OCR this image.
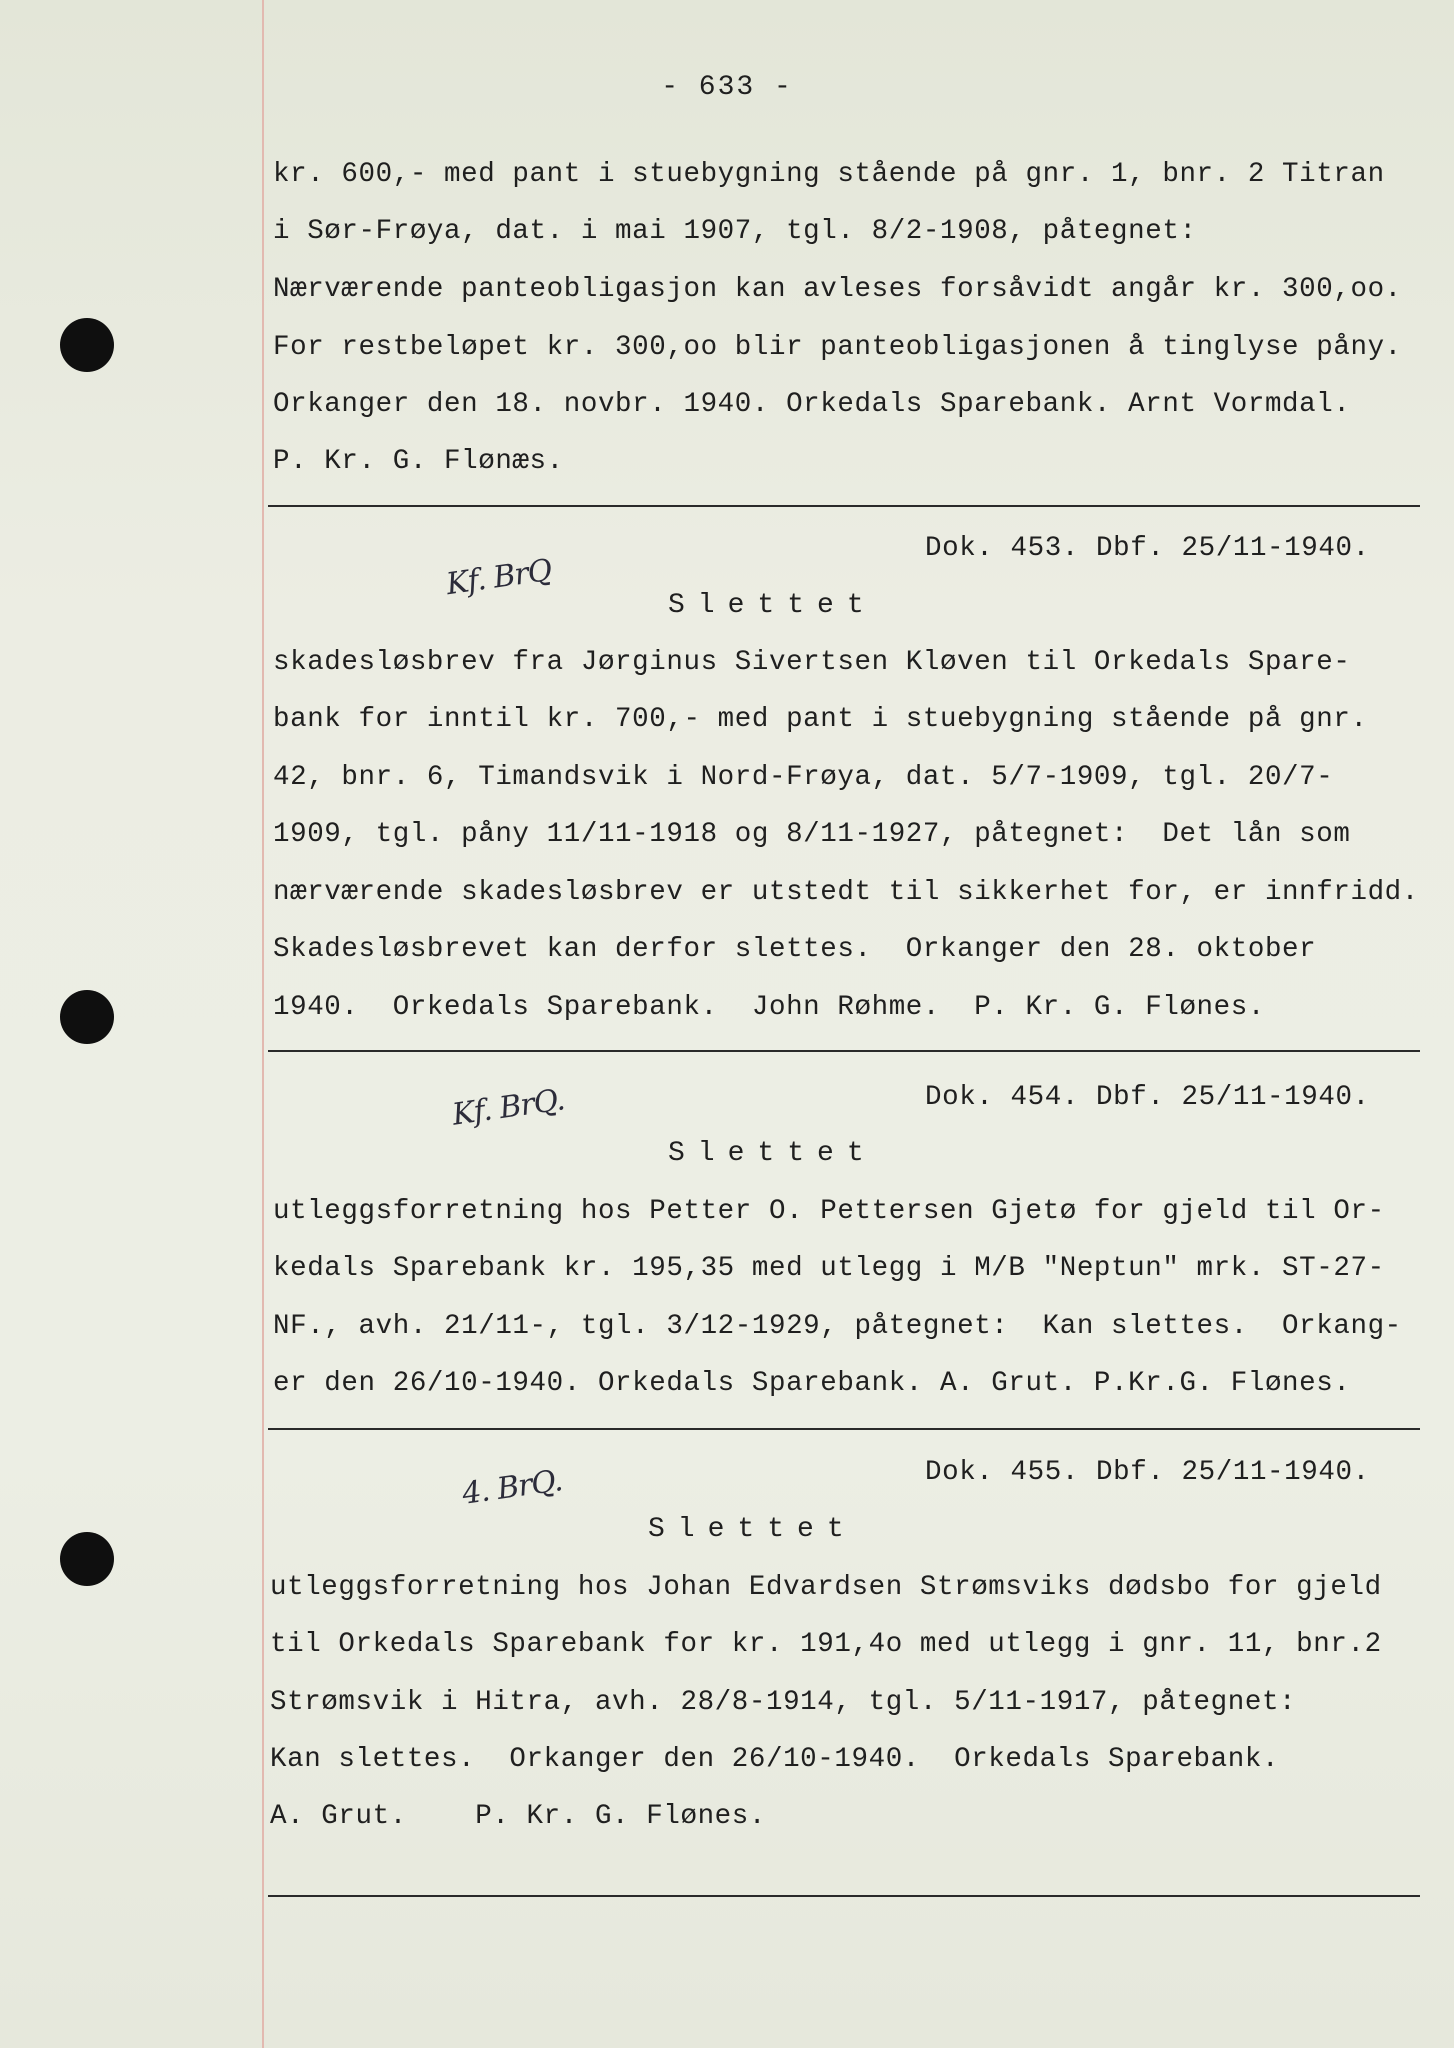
- 633 -
kr. 600,- med pant i stuebygning stående på gnr. 1, bnr. 2 Titran
i Sør-Frøya, dat. i mai 1907, tgl. 8/2-1908, påtegnet:
Nærværende panteobligasjon kan avleses forsåvidt angår kr. 300,oo.
For restbeløpet kr. 300,oo blir panteobligasjonen å tinglyse påny.
Orkanger den 18. novbr. 1940. Orkedals Sparebank. Arnt Vormdal.
P. Kr. G. Flønæs.
Kf. BrQ
Dok. 453. Dbf. 25/11-1940.
Slettet
skadesløsbrev fra Jørginus Sivertsen Kløven til Orkedals Spare-
bank for inntil kr. 700,- med pant i stuebygning stående på gnr.
42, bnr. 6, Timandsvik i Nord-Frøya, dat. 5/7-1909, tgl. 20/7-
1909, tgl. påny 11/11-1918 og 8/11-1927, påtegnet:  Det lån som
nærværende skadesløsbrev er utstedt til sikkerhet for, er innfridd.
Skadesløsbrevet kan derfor slettes.  Orkanger den 28. oktober
1940.  Orkedals Sparebank.  John Røhme.  P. Kr. G. Flønes.
Kf. BrQ.	Dok. 454. Dbf. 25/11-1940.
Slettet
utleggsforretning hos Petter O. Pettersen Gjetø for gjeld til Or-
kedals Sparebank kr. 195,35 med utlegg i M/B "Neptun" mrk. ST-27-
NF., avh. 21/11-, tgl. 3/12-1929, påtegnet:  Kan slettes.  Orkang-
er den 26/10-1940. Orkedals Sparebank. A. Grut. P.Kr.G. Flønes.
4. BrQ.	Dok. 455. Dbf. 25/11-1940.
Slettet
utleggsforretning hos Johan Edvardsen Strømsviks dødsbo for gjeld
til Orkedals Sparebank for kr. 191,4o med utlegg i gnr. 11, bnr.2
Strømsvik i Hitra, avh. 28/8-1914, tgl. 5/11-1917, påtegnet:
Kan slettes.  Orkanger den 26/10-1940.  Orkedals Sparebank.
A. Grut.    P. Kr. G. Flønes.
